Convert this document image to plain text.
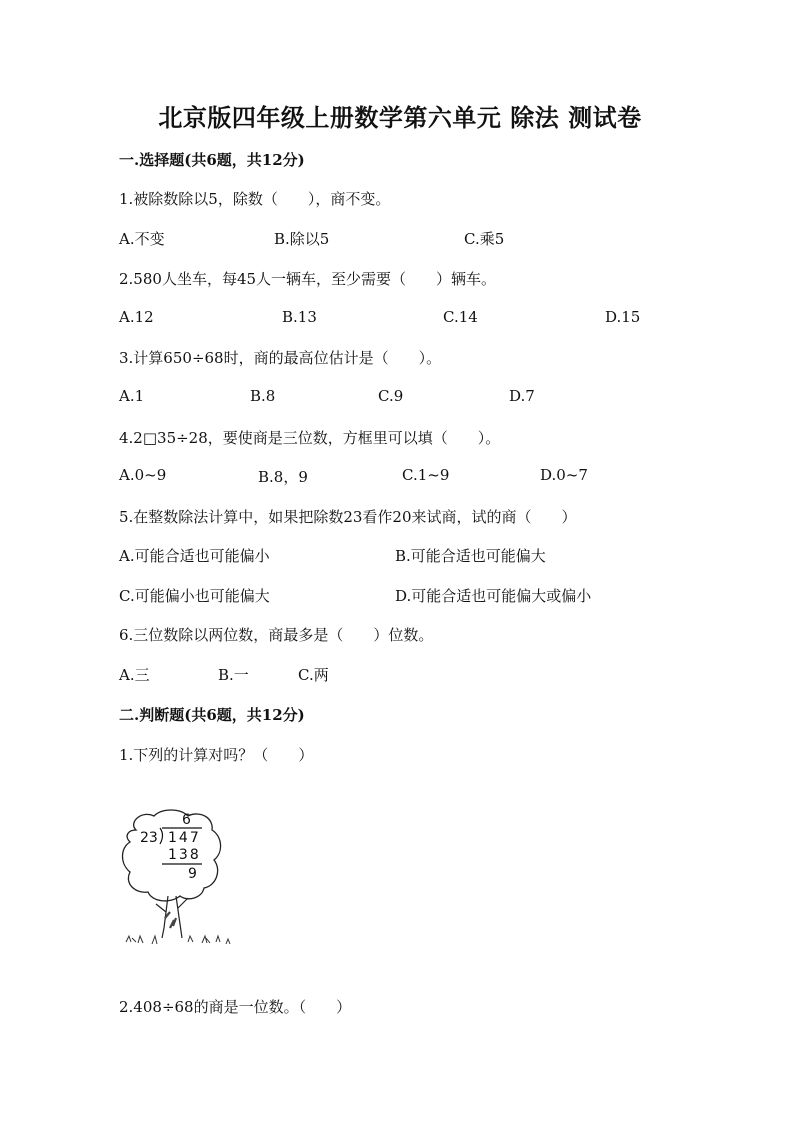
北京版四年级上册数学第六单元 除法 测试卷
一.选择题(共6题，共12分)
1.被除数除以5，除数（　　），商不变。
A.不变	B.除以5	C.乘5
2.580人坐车，每45人一辆车，至少需要（　　）辆车。
A.12	B.13	C.14	D.15
3.计算650÷68时，商的最高位估计是（　　）。
A.1	B.8	C.9	D.7
4.2□35÷28，要使商是三位数，方框里可以填（　　）。
A.0~9	B.8，9	C.1~9	D.0~7
5.在整数除法计算中，如果把除数23看作20来试商，试的商（　　）
A.可能合适也可能偏小	B.可能合适也可能偏大
C.可能偏小也可能偏大	D.可能合适也可能偏大或偏小
6.三位数除以两位数，商最多是（　　）位数。
A.三	B.一	C.两
二.判断题(共6题，共12分)
1.下列的计算对吗？（　　）
6
23 147
138
9
2.408÷68的商是一位数。（　　）
